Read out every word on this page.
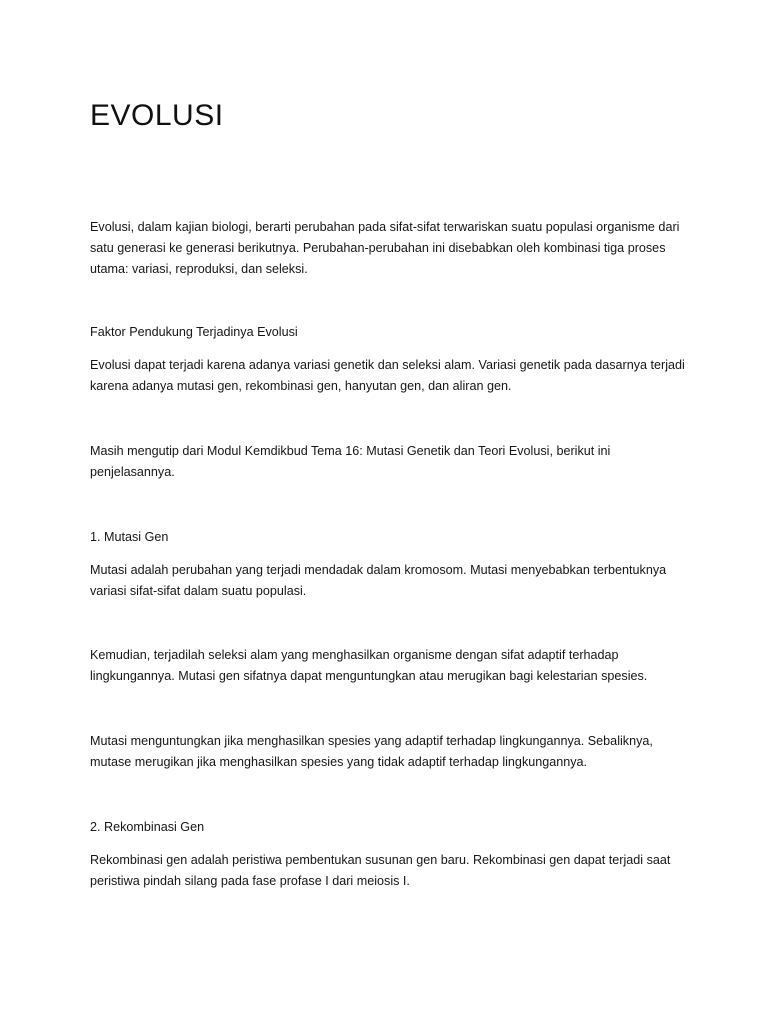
EVOLUSI

Evolusi, dalam kajian biologi, berarti perubahan pada sifat-sifat terwariskan suatu populasi organisme dari satu generasi ke generasi berikutnya. Perubahan-perubahan ini disebabkan oleh kombinasi tiga proses utama: variasi, reproduksi, dan seleksi.

Faktor Pendukung Terjadinya Evolusi

Evolusi dapat terjadi karena adanya variasi genetik dan seleksi alam. Variasi genetik pada dasarnya terjadi karena adanya mutasi gen, rekombinasi gen, hanyutan gen, dan aliran gen.

Masih mengutip dari Modul Kemdikbud Tema 16: Mutasi Genetik dan Teori Evolusi, berikut ini penjelasannya.

1. Mutasi Gen

Mutasi adalah perubahan yang terjadi mendadak dalam kromosom. Mutasi menyebabkan terbentuknya variasi sifat-sifat dalam suatu populasi.

Kemudian, terjadilah seleksi alam yang menghasilkan organisme dengan sifat adaptif terhadap lingkungannya. Mutasi gen sifatnya dapat menguntungkan atau merugikan bagi kelestarian spesies.

Mutasi menguntungkan jika menghasilkan spesies yang adaptif terhadap lingkungannya. Sebaliknya, mutase merugikan jika menghasilkan spesies yang tidak adaptif terhadap lingkungannya.

2. Rekombinasi Gen

Rekombinasi gen adalah peristiwa pembentukan susunan gen baru. Rekombinasi gen dapat terjadi saat peristiwa pindah silang pada fase profase I dari meiosis I.
